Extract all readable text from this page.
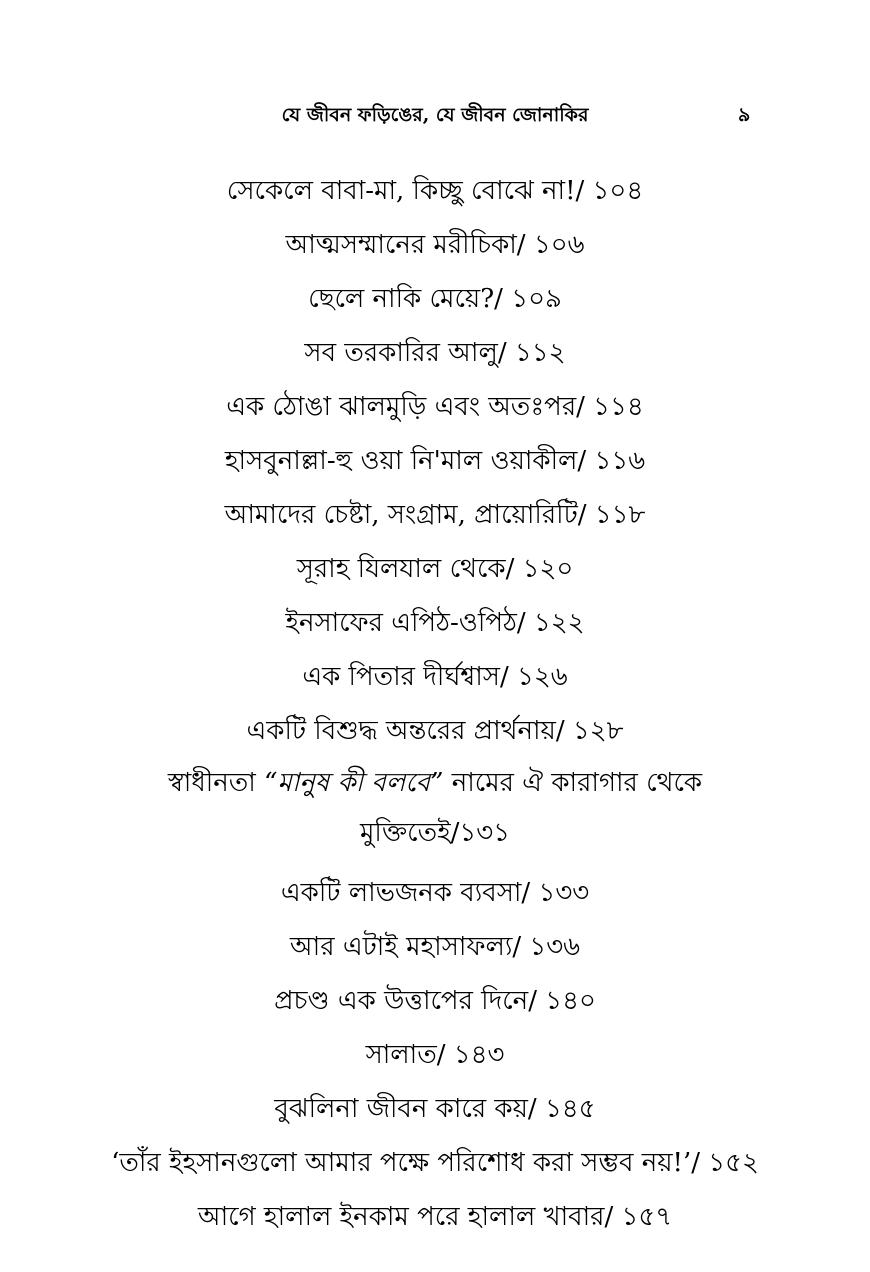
যে জীবন ফড়িঙের, যে জীবন জোনাকির	৯
সেকেলে বাবা-মা, কিচ্ছু বোঝে না!/ ১০৪
আত্মসম্মানের মরীচিকা/ ১০৬
ছেলে নাকি মেয়ে?/ ১০৯
সব তরকারির আলু/ ১১২
এক ঠোঙা ঝালমুড়ি এবং অতঃপর/ ১১৪
হাসবুনাল্লা-হু ওয়া নি'মাল ওয়াকীল/ ১১৬
আমাদের চেষ্টা, সংগ্রাম, প্রায়োরিটি/ ১১৮
সূরাহ যিলযাল থেকে/ ১২০
ইনসাফের এপিঠ-ওপিঠ/ ১২২
এক পিতার দীর্ঘশ্বাস/ ১২৬
একটি বিশুদ্ধ অন্তরের প্রার্থনায়/ ১২৮
স্বাধীনতা “মানুষ কী বলবে” নামের ঐ কারাগার থেকে
মুক্তিতেই/১৩১
একটি লাভজনক ব্যবসা/ ১৩৩
আর এটাই মহাসাফল্য/ ১৩৬
প্রচণ্ড এক উত্তাপের দিনে/ ১৪০
সালাত/ ১৪৩
বুঝলিনা জীবন কারে কয়/ ১৪৫
‘তাঁর ইহসানগুলো আমার পক্ষে পরিশোধ করা সম্ভব নয়!’/ ১৫২
আগে হালাল ইনকাম পরে হালাল খাবার/ ১৫৭
